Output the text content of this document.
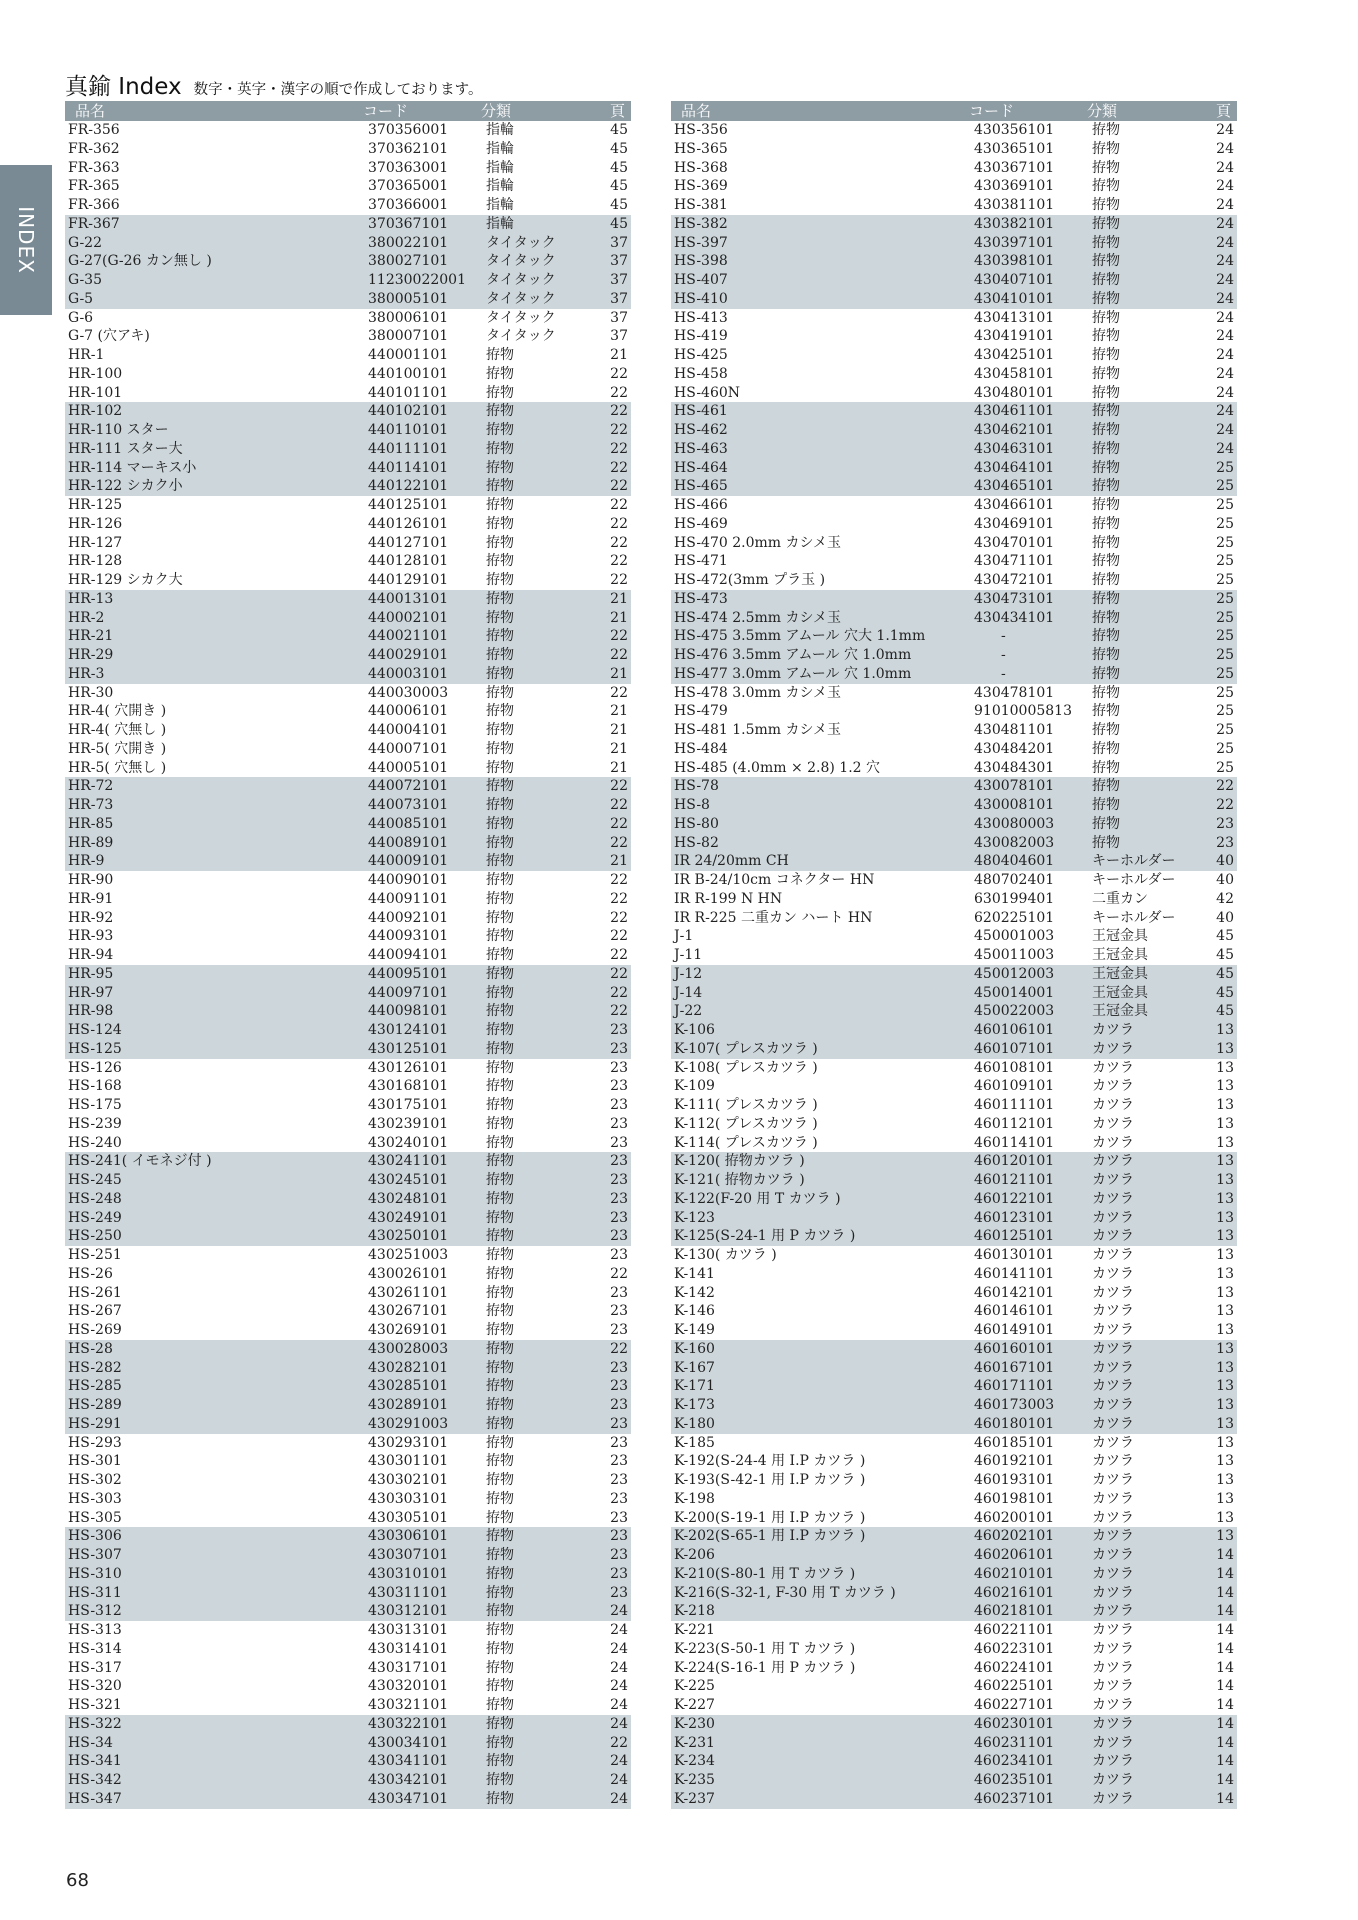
INDEX
真鍮 Index 数字・英字・漢字の順で作成しております。
品名	コード	分類	頁
FR-356	370356001	指輪	45
FR-362	370362101	指輪	45
FR-363	370363001	指輪	45
FR-365	370365001	指輪	45
FR-366	370366001	指輪	45
FR-367	370367101	指輪	45
G-22	380022101	タイタック	37
G-27(G-26 カン無し )	380027101	タイタック	37
G-35	11230022001 タイタック	37
G-5	380005101	タイタック	37
G-6	380006101	タイタック	37
G-7 (穴アキ)	380007101	タイタック	37
HR-1	440001101	拵物	21
HR-100	440100101	拵物	22
HR-101	440101101	拵物	22
HR-102	440102101	拵物	22
HR-110 スター	440110101	拵物	22
HR-111 スター大	440111101	拵物	22
HR-114 マーキス小	440114101	拵物	22
HR-122 シカク小	440122101	拵物	22
HR-125	440125101	拵物	22
HR-126	440126101	拵物	22
HR-127	440127101	拵物	22
HR-128	440128101	拵物	22
HR-129 シカク大	440129101	拵物	22
HR-13	440013101	拵物	21
HR-2	440002101	拵物	21
HR-21	440021101	拵物	22
HR-29	440029101	拵物	22
HR-3	440003101	拵物	21
HR-30	440030003	拵物	22
HR-4( 穴開き )	440006101	拵物	21
HR-4( 穴無し )	440004101	拵物	21
HR-5( 穴開き )	440007101	拵物	21
HR-5( 穴無し )	440005101	拵物	21
HR-72	440072101	拵物	22
HR-73	440073101	拵物	22
HR-85	440085101	拵物	22
HR-89	440089101	拵物	22
HR-9	440009101	拵物	21
HR-90	440090101	拵物	22
HR-91	440091101	拵物	22
HR-92	440092101	拵物	22
HR-93	440093101	拵物	22
HR-94	440094101	拵物	22
HR-95	440095101	拵物	22
HR-97	440097101	拵物	22
HR-98	440098101	拵物	22
HS-124	430124101	拵物	23
HS-125	430125101	拵物	23
HS-126	430126101	拵物	23
HS-168	430168101	拵物	23
HS-175	430175101	拵物	23
HS-239	430239101	拵物	23
HS-240	430240101	拵物	23
HS-241( イモネジ付 )	430241101	拵物	23
HS-245	430245101	拵物	23
HS-248	430248101	拵物	23
HS-249	430249101	拵物	23
HS-250	430250101	拵物	23
HS-251	430251003	拵物	23
HS-26	430026101	拵物	22
HS-261	430261101	拵物	23
HS-267	430267101	拵物	23
HS-269	430269101	拵物	23
HS-28	430028003	拵物	22
HS-282	430282101	拵物	23
HS-285	430285101	拵物	23
HS-289	430289101	拵物	23
HS-291	430291003	拵物	23
HS-293	430293101	拵物	23
HS-301	430301101	拵物	23
HS-302	430302101	拵物	23
HS-303	430303101	拵物	23
HS-305	430305101	拵物	23
HS-306	430306101	拵物	23
HS-307	430307101	拵物	23
HS-310	430310101	拵物	23
HS-311	430311101	拵物	23
HS-312	430312101	拵物	24
HS-313	430313101	拵物	24
HS-314	430314101	拵物	24
HS-317	430317101	拵物	24
HS-320	430320101	拵物	24
HS-321	430321101	拵物	24
HS-322	430322101	拵物	24
HS-34	430034101	拵物	22
HS-341	430341101	拵物	24
HS-342	430342101	拵物	24
HS-347	430347101	拵物	24
品名	コード	分類	頁
HS-356	430356101	拵物	24
HS-365	430365101	拵物	24
HS-368	430367101	拵物	24
HS-369	430369101	拵物	24
HS-381	430381101	拵物	24
HS-382	430382101	拵物	24
HS-397	430397101	拵物	24
HS-398	430398101	拵物	24
HS-407	430407101	拵物	24
HS-410	430410101	拵物	24
HS-413	430413101	拵物	24
HS-419	430419101	拵物	24
HS-425	430425101	拵物	24
HS-458	430458101	拵物	24
HS-460N	430480101	拵物	24
HS-461	430461101	拵物	24
HS-462	430462101	拵物	24
HS-463	430463101	拵物	24
HS-464	430464101	拵物	25
HS-465	430465101	拵物	25
HS-466	430466101	拵物	25
HS-469	430469101	拵物	25
HS-470 2.0mm カシメ玉	430470101	拵物	25
HS-471	430471101	拵物	25
HS-472(3mm プラ玉 )	430472101	拵物	25
HS-473	430473101	拵物	25
HS-474 2.5mm カシメ玉	430434101	拵物	25
HS-475 3.5mm アムール 穴大 1.1mm	-	拵物	25
HS-476 3.5mm アムール 穴 1.0mm	-	拵物	25
HS-477 3.0mm アムール 穴 1.0mm	-	拵物	25
HS-478 3.0mm カシメ玉	430478101	拵物	25
HS-479	91010005813 拵物	25
HS-481 1.5mm カシメ玉	430481101	拵物	25
HS-484	430484201	拵物	25
HS-485 (4.0mm × 2.8) 1.2 穴	430484301	拵物	25
HS-78	430078101	拵物	22
HS-8	430008101	拵物	22
HS-80	430080003	拵物	23
HS-82	430082003	拵物	23
IR 24/20mm CH	480404601	キーホルダー	40
IR B-24/10cm コネクター HN	480702401	キーホルダー	40
IR R-199 N HN	630199401	二重カン	42
IR R-225 二重カン ハート HN	620225101	キーホルダー	40
J-1	450001003	王冠金具	45
J-11	450011003	王冠金具	45
J-12	450012003	王冠金具	45
J-14	450014001	王冠金具	45
J-22	450022003	王冠金具	45
K-106	460106101	カツラ	13
K-107( プレスカツラ )	460107101	カツラ	13
K-108( プレスカツラ )	460108101	カツラ	13
K-109	460109101	カツラ	13
K-111( プレスカツラ )	460111101	カツラ	13
K-112( プレスカツラ )	460112101	カツラ	13
K-114( プレスカツラ )	460114101	カツラ	13
K-120( 拵物カツラ )	460120101	カツラ	13
K-121( 拵物カツラ )	460121101	カツラ	13
K-122(F-20 用 T カツラ )	460122101	カツラ	13
K-123	460123101	カツラ	13
K-125(S-24-1 用 P カツラ )	460125101	カツラ	13
K-130( カツラ )	460130101	カツラ	13
K-141	460141101	カツラ	13
K-142	460142101	カツラ	13
K-146	460146101	カツラ	13
K-149	460149101	カツラ	13
K-160	460160101	カツラ	13
K-167	460167101	カツラ	13
K-171	460171101	カツラ	13
K-173	460173003	カツラ	13
K-180	460180101	カツラ	13
K-185	460185101	カツラ	13
K-192(S-24-4 用 I.P カツラ )	460192101	カツラ	13
K-193(S-42-1 用 I.P カツラ )	460193101	カツラ	13
K-198	460198101	カツラ	13
K-200(S-19-1 用 I.P カツラ )	460200101	カツラ	13
K-202(S-65-1 用 I.P カツラ )	460202101	カツラ	13
K-206	460206101	カツラ	14
K-210(S-80-1 用 T カツラ )	460210101	カツラ	14
K-216(S-32-1, F-30 用 T カツラ )	460216101	カツラ	14
K-218	460218101	カツラ	14
K-221	460221101	カツラ	14
K-223(S-50-1 用 T カツラ )	460223101	カツラ	14
K-224(S-16-1 用 P カツラ )	460224101	カツラ	14
K-225	460225101	カツラ	14
K-227	460227101	カツラ	14
K-230	460230101	カツラ	14
K-231	460231101	カツラ	14
K-234	460234101	カツラ	14
K-235	460235101	カツラ	14
K-237	460237101	カツラ	14
68
